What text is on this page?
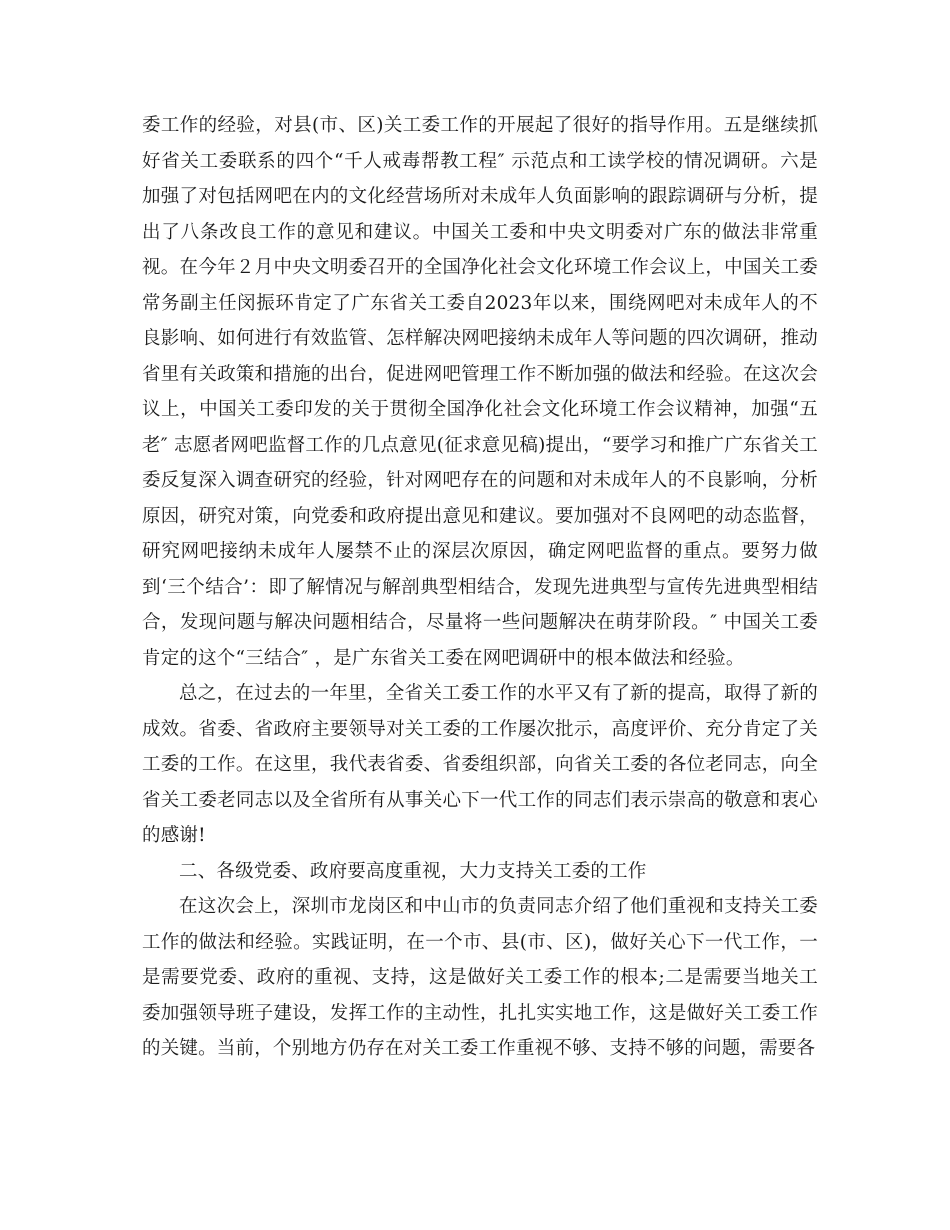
委工作的经验，对县(市、区)关工委工作的开展起了很好的指导作用。五是继续抓好省关工委联系的四个“千人戒毒帮教工程″ 示范点和工读学校的情况调研。六是加强了对包括网吧在内的文化经营场所对未成年人负面影响的跟踪调研与分析，提出了八条改良工作的意见和建议。中国关工委和中央文明委对广东的做法非常重视。在今年２月中央文明委召开的全国净化社会文化环境工作会议上，中国关工委常务副主任闵振环肯定了广东省关工委自2023年以来，围绕网吧对未成年人的不良影响、如何进行有效监管、怎样解决网吧接纳未成年人等问题的四次调研，推动省里有关政策和措施的出台，促进网吧管理工作不断加强的做法和经验。在这次会议上，中国关工委印发的关于贯彻全国净化社会文化环境工作会议精神，加强“五老″ 志愿者网吧监督工作的几点意见(征求意见稿)提出，“要学习和推广广东省关工委反复深入调查研究的经验，针对网吧存在的问题和对未成年人的不良影响，分析原因，研究对策，向党委和政府提出意见和建议。要加强对不良网吧的动态监督，研究网吧接纳未成年人屡禁不止的深层次原因，确定网吧监督的重点。要努力做到‘三个结合’：即了解情况与解剖典型相结合，发现先进典型与宣传先进典型相结合，发现问题与解决问题相结合，尽量将一些问题解决在萌芽阶段。″ 中国关工委肯定的这个“三结合″ ，是广东省关工委在网吧调研中的根本做法和经验。

总之，在过去的一年里，全省关工委工作的水平又有了新的提高，取得了新的成效。省委、省政府主要领导对关工委的工作屡次批示，高度评价、充分肯定了关工委的工作。在这里，我代表省委、省委组织部，向省关工委的各位老同志，向全省关工委老同志以及全省所有从事关心下一代工作的同志们表示崇高的敬意和衷心的感谢!

二、各级党委、政府要高度重视，大力支持关工委的工作

在这次会上，深圳市龙岗区和中山市的负责同志介绍了他们重视和支持关工委工作的做法和经验。实践证明，在一个市、县(市、区)，做好关心下一代工作，一是需要党委、政府的重视、支持，这是做好关工委工作的根本;二是需要当地关工委加强领导班子建设，发挥工作的主动性，扎扎实实地工作，这是做好关工委工作的关键。当前，个别地方仍存在对关工委工作重视不够、支持不够的问题，需要各
